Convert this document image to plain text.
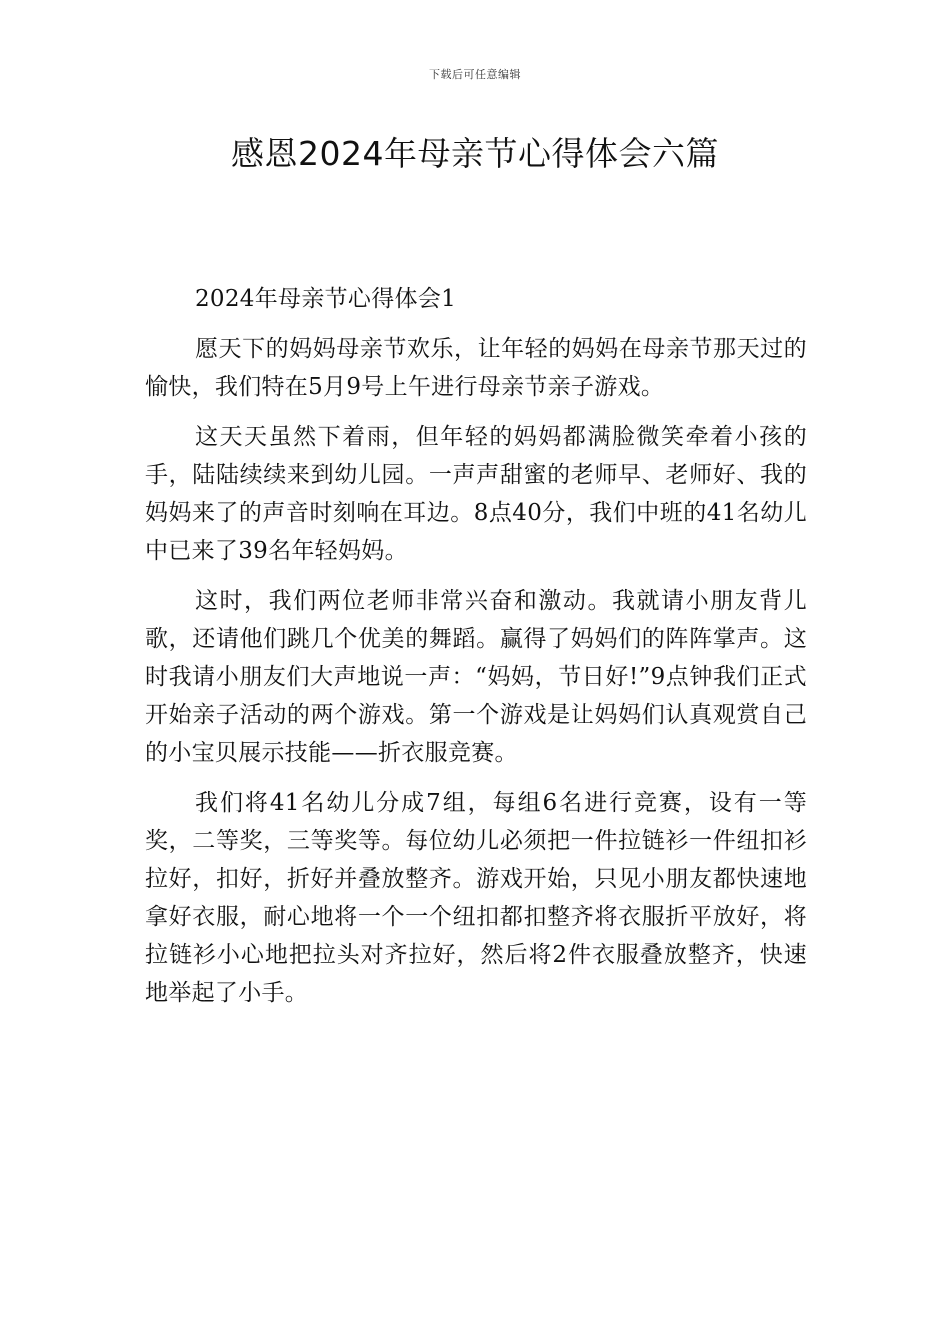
下载后可任意编辑
感恩2024年母亲节心得体会六篇

2024年母亲节心得体会1

愿天下的妈妈母亲节欢乐，让年轻的妈妈在母亲节那天过的愉快，我们特在5月9号上午进行母亲节亲子游戏。

这天天虽然下着雨，但年轻的妈妈都满脸微笑牵着小孩的手，陆陆续续来到幼儿园。一声声甜蜜的老师早、老师好、我的妈妈来了的声音时刻响在耳边。8点40分，我们中班的41名幼儿中已来了39名年轻妈妈。

这时，我们两位老师非常兴奋和激动。我就请小朋友背儿歌，还请他们跳几个优美的舞蹈。赢得了妈妈们的阵阵掌声。这时我请小朋友们大声地说一声：“妈妈，节日好!”9点钟我们正式开始亲子活动的两个游戏。第一个游戏是让妈妈们认真观赏自己的小宝贝展示技能——折衣服竞赛。

我们将41名幼儿分成7组，每组6名进行竞赛，设有一等奖，二等奖，三等奖等。每位幼儿必须把一件拉链衫一件纽扣衫拉好，扣好，折好并叠放整齐。游戏开始，只见小朋友都快速地拿好衣服，耐心地将一个一个纽扣都扣整齐将衣服折平放好，将拉链衫小心地把拉头对齐拉好，然后将2件衣服叠放整齐，快速地举起了小手。
